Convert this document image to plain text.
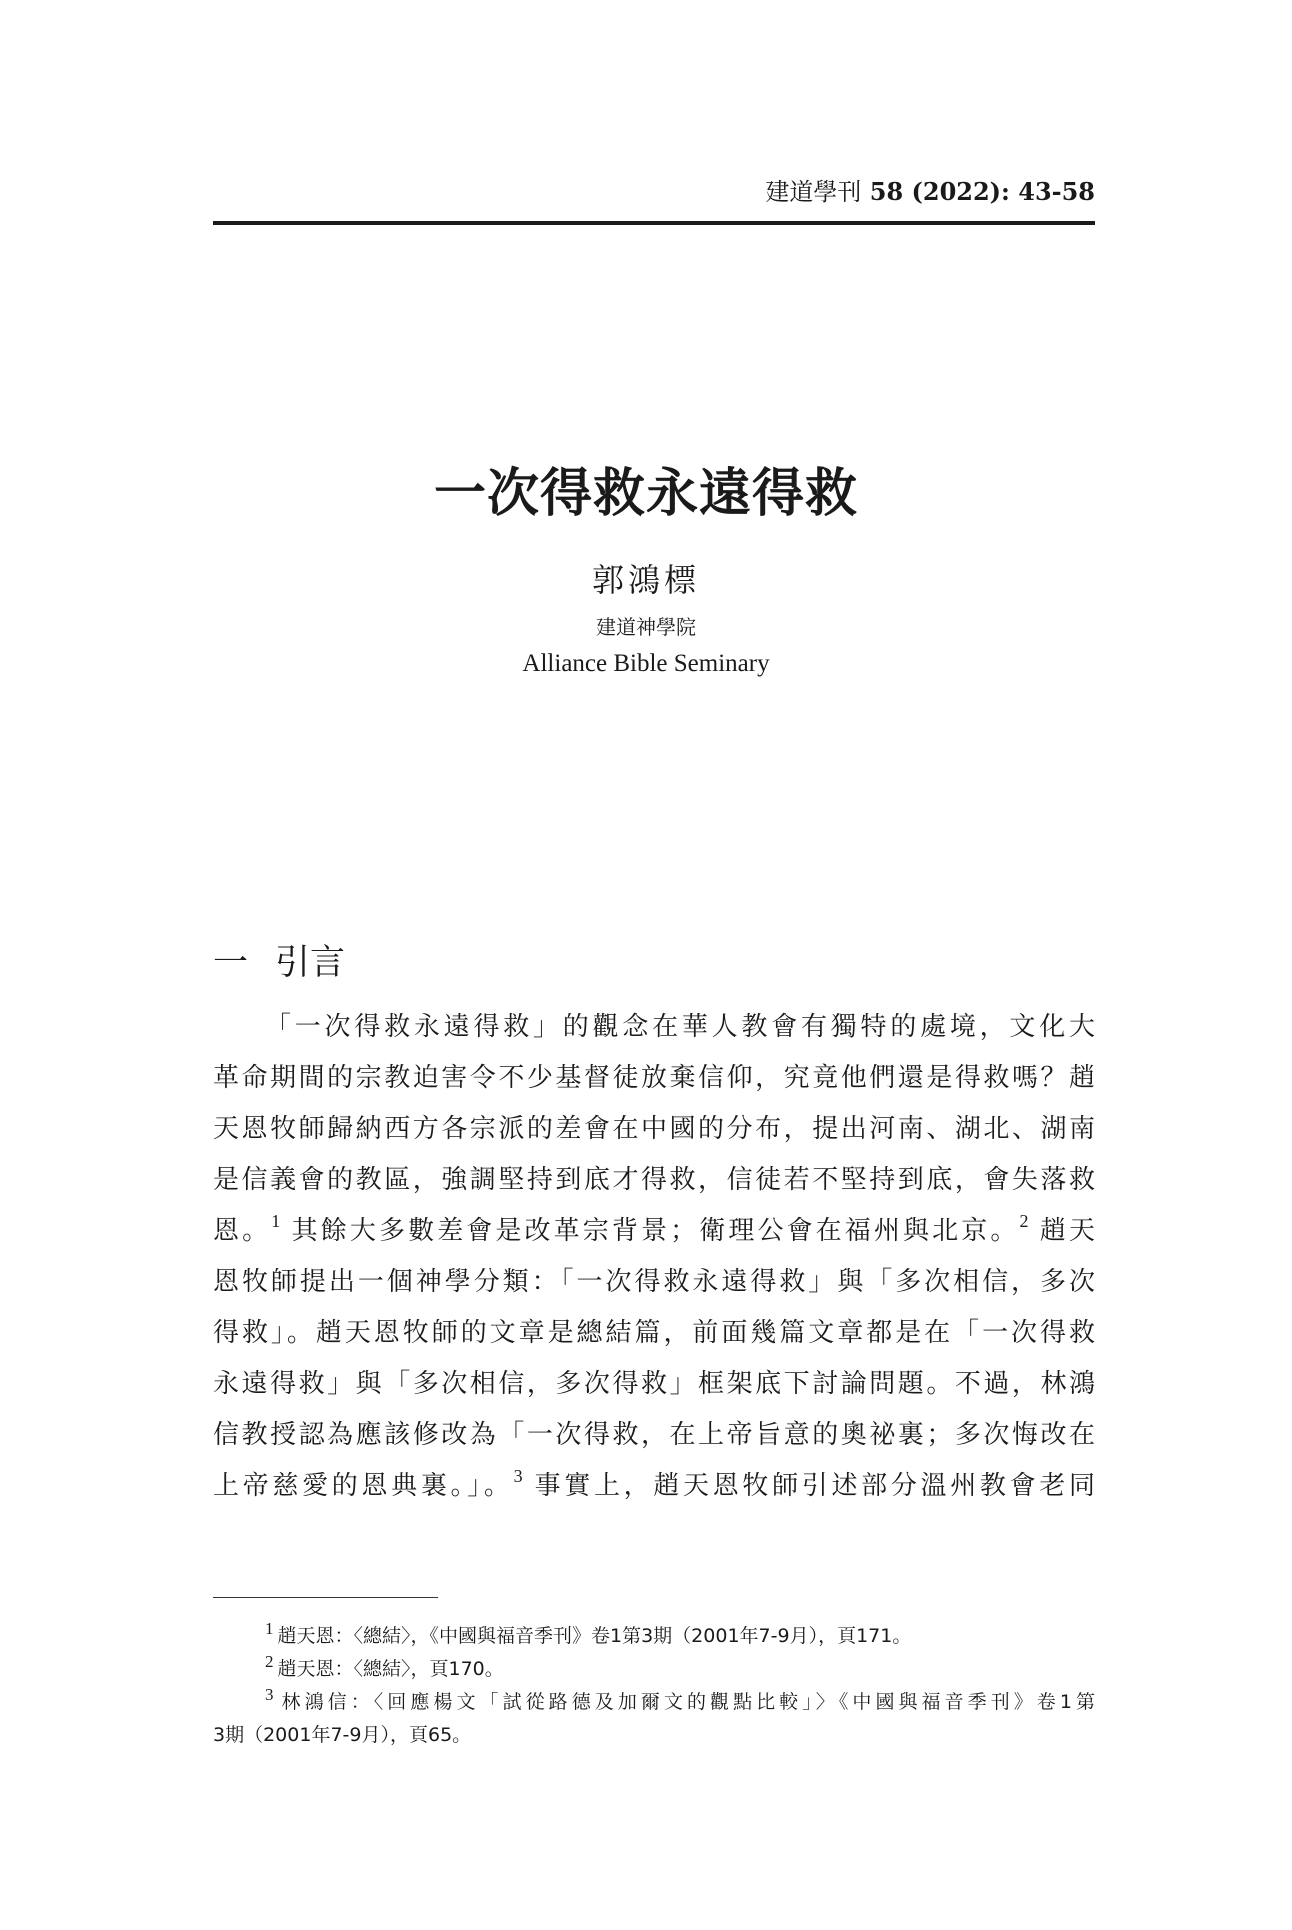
建道學刊 58 (2022): 43-58
一次得救永遠得救
郭鴻標
建道神學院
Alliance Bible Seminary
一 引言
「一次得救永遠得救」的觀念在華人教會有獨特的處境，文化大
革命期間的宗教迫害令不少基督徒放棄信仰，究竟他們還是得救嗎？趙
天恩牧師歸納西方各宗派的差會在中國的分布，提出河南、湖北、湖南
是信義會的教區，強調堅持到底才得救，信徒若不堅持到底，會失落救
恩。$^1$ 其餘大多數差會是改革宗背景；衛理公會在福州與北京。$^2$ 趙天
恩牧師提出一個神學分類：「一次得救永遠得救」與「多次相信，多次
得救」。趙天恩牧師的文章是總結篇，前面幾篇文章都是在「一次得救
永遠得救」與「多次相信，多次得救」框架底下討論問題。不過，林鴻
信教授認為應該修改為「一次得救，在上帝旨意的奧祕裏；多次悔改在
上帝慈愛的恩典裏。」。$^3$ 事實上，趙天恩牧師引述部分溫州教會老同
$^1$ 趙天恩：〈總結〉，《中國與福音季刊》卷1第3期（2001年7-9月），頁171。
$^2$ 趙天恩：〈總結〉，頁170。
$^3$ 林鴻信：〈回應楊文「試從路德及加爾文的觀點比較」〉《中國與福音季刊》卷1第
3期（2001年7-9月），頁65。
